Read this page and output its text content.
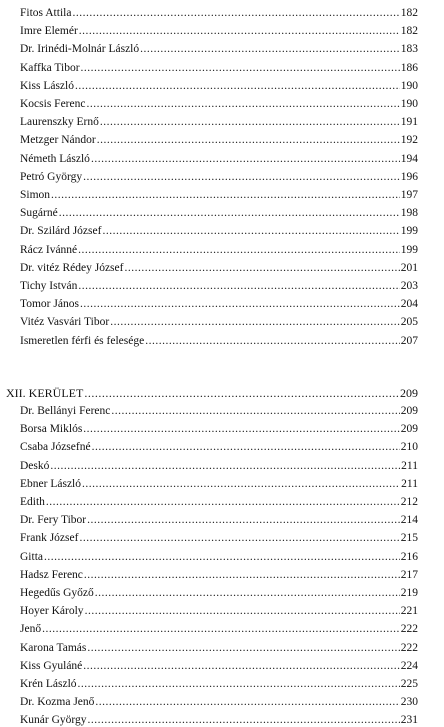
Fitos Attila .....	182
Imre Elemér .....	182
Dr. Irinédi-Molnár László .....	183
Kaffka Tibor .....	186
Kiss László .....	190
Kocsis Ferenc .....	190
Laurenszky Ernő .....	191
Metzger Nándor .....	192
Németh László .....	194
Petró György .....	196
Simon .....	197
Sugárné .....	198
Dr. Szilárd József .....	199
Rácz Ivánné .....	199
Dr. vitéz Rédey József .....	201
Tichy István .....	203
Tomor János .....	204
Vitéz Vasvári Tibor .....	205
Ismeretlen férfi és felesége .....	207
XII. KERÜLET .....	209
Dr. Bellányi Ferenc .....	209
Borsa Miklós .....	209
Csaba Józsefné .....	210
Deskó .....	211
Ebner László .....	211
Edith .....	212
Dr. Fery Tibor .....	214
Frank József .....	215
Gitta .....	216
Hadsz Ferenc .....	217
Hegedűs Győző .....	219
Hoyer Károly .....	221
Jenő .....	222
Karona Tamás .....	222
Kiss Gyuláné .....	224
Krén László .....	225
Dr. Kozma Jenő .....	230
Kunár György .....	231
